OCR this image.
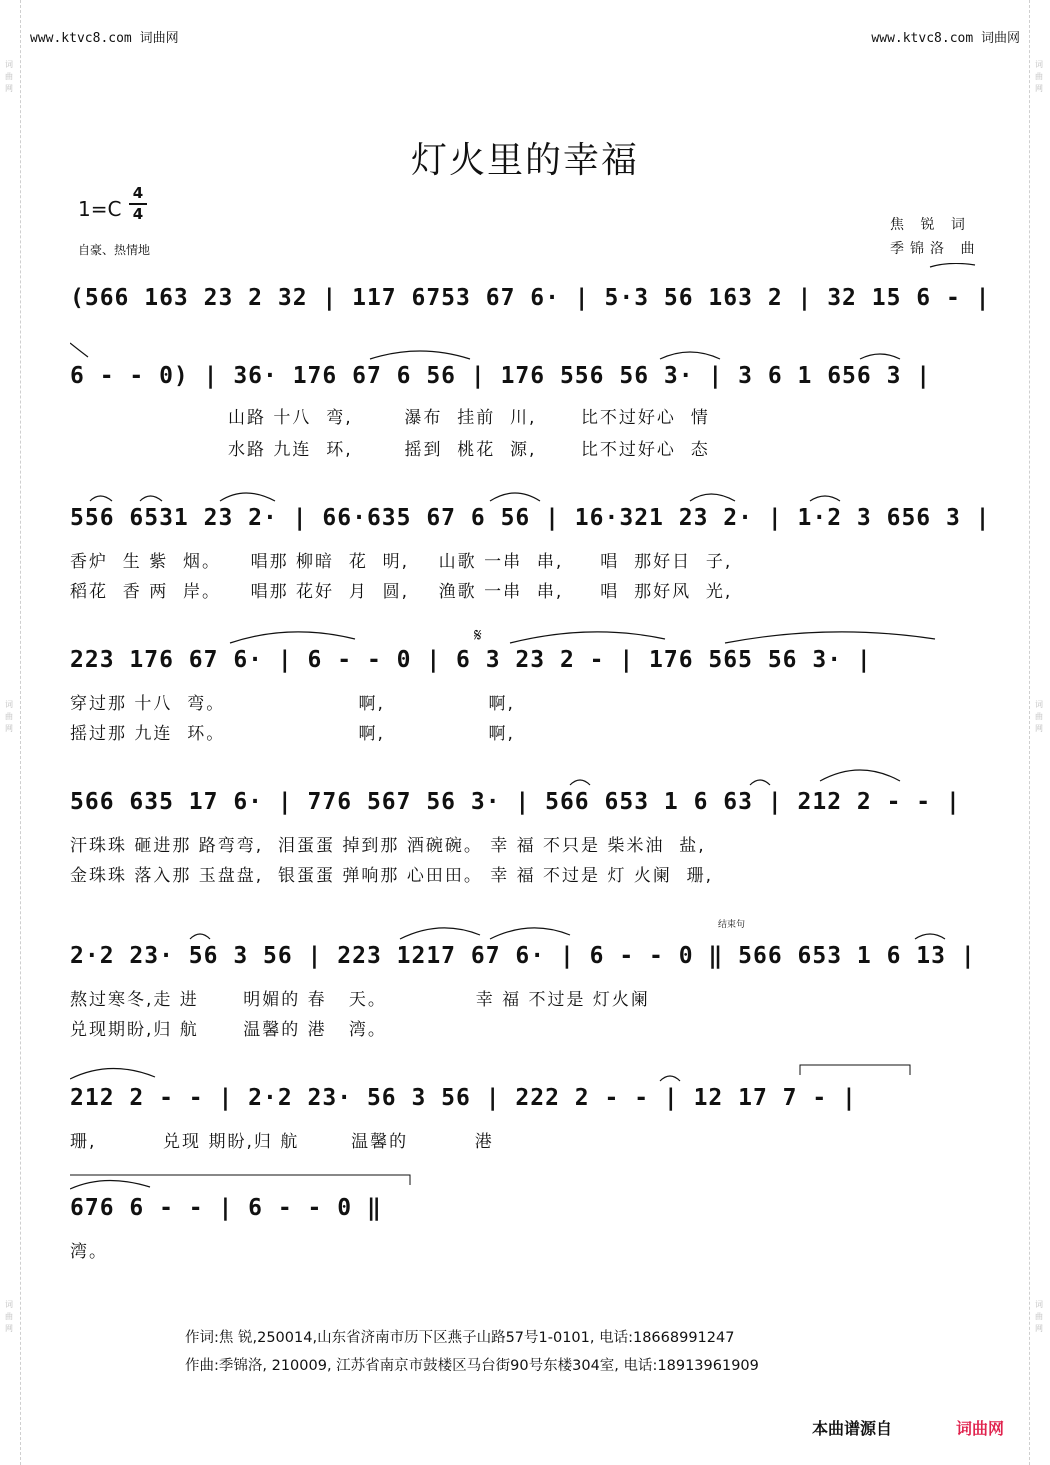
词
曲
网
词
曲
网
词
曲
网
词
曲
网
词
曲
网
词
曲
网
www.ktvc8.com 词曲网	www.ktvc8.com 词曲网
灯火里的幸福
1=C
4
4
自豪、热情地
焦 锐 词
季锦洛 曲
(566 163 23 2 32 | 117 6753 67 6· | 5·3 56 163 2 | 32 15 6 - |
6 - - 0) | 36· 176 67 6 56 | 176 556 56 3· | 3 6 1 656 3 |
山路 十八  弯,       瀑布  挂前  川,      比不过好心  情
水路 九连  环,       摇到  桃花  源,      比不过好心  态
556 6531 23 2· | 66·635 67 6 56 | 16·321 23 2· | 1·2 3 656 3 |
香炉  生 紫  烟。    唱那 柳暗  花  明,    山歌 一串  串,     唱  那好日  子,
稻花  香 两  岸。    唱那 花好  月  圆,    渔歌 一串  串,     唱  那好风  光,
𝄋
223 176 67 6· | 6 - - 0 | 6 3 23 2 - | 176 565 56 3· |
穿过那 十八  弯。                  啊,              啊,
摇过那 九连  环。                  啊,              啊,
566 635 17 6· | 776 567 56 3· | 566 653 1 6 63 | 212 2 - - |
汗珠珠 砸进那 路弯弯,  泪蛋蛋 掉到那 酒碗碗。 幸 福 不只是 柴米油  盐,
金珠珠 落入那 玉盘盘,  银蛋蛋 弹响那 心田田。 幸 福 不过是 灯 火阑  珊,
结束句
2·2 23· 56 3 56 | 223 1217 67 6· | 6 - - 0 ‖ 566 653 1 6 13 |
熬过寒冬,走 进      明媚的 春   天。            幸 福 不过是 灯火阑
兑现期盼,归 航      温馨的 港   湾。
212 2 - - | 2·2 23· 56 3 56 | 222 2 - - | 12 17 7 - |
珊,         兑现 期盼,归 航       温馨的         港
676 6 - - | 6 - - 0 ‖
湾。
作词:焦 锐,250014,山东省济南市历下区燕子山路57号1-0101, 电话:18668991247
作曲:季锦洛, 210009, 江苏省南京市鼓楼区马台街90号东楼304室, 电话:18913961909
本曲谱源自	词曲网
